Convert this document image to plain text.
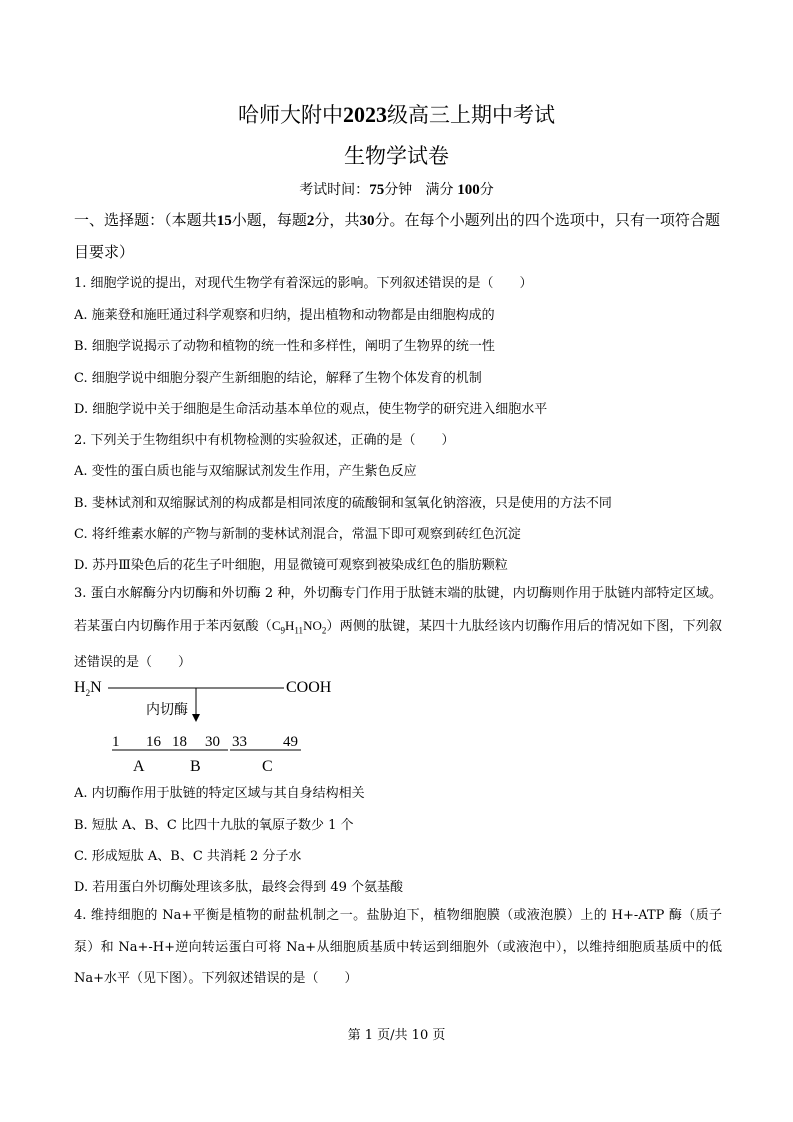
哈师大附中2023级高三上期中考试
生物学试卷
考试时间：75分钟 满分 100分
一、选择题：（本题共15小题，每题2分，共30分。在每个小题列出的四个选项中，只有一项符合题目要求）
1. 细胞学说的提出，对现代生物学有着深远的影响。下列叙述错误的是（　　）
A. 施莱登和施旺通过科学观察和归纳，提出植物和动物都是由细胞构成的
B. 细胞学说揭示了动物和植物的统一性和多样性，阐明了生物界的统一性
C. 细胞学说中细胞分裂产生新细胞的结论，解释了生物个体发育的机制
D. 细胞学说中关于细胞是生命活动基本单位的观点，使生物学的研究进入细胞水平
2. 下列关于生物组织中有机物检测的实验叙述，正确的是（　　）
A. 变性的蛋白质也能与双缩脲试剂发生作用，产生紫色反应
B. 斐林试剂和双缩脲试剂的构成都是相同浓度的硫酸铜和氢氧化钠溶液，只是使用的方法不同
C. 将纤维素水解的产物与新制的斐林试剂混合，常温下即可观察到砖红色沉淀
D. 苏丹Ⅲ染色后的花生子叶细胞，用显微镜可观察到被染成红色的脂肪颗粒
3. 蛋白水解酶分内切酶和外切酶 2 种，外切酶专门作用于肽链末端的肽键，内切酶则作用于肽链内部特定区域。若某蛋白内切酶作用于苯丙氨酸$(C_9H_{11}NO_2)$两侧的肽键，某四十九肽经该内切酶作用后的情况如下图，下列叙述错误的是（　　）
$H_2N$	COOH
内切酶
1 16 18 30 33 49
A	B	C
A. 内切酶作用于肽链的特定区域与其自身结构相关
B. 短肽 A、B、C 比四十九肽的氧原子数少 1 个
C. 形成短肽 A、B、C 共消耗 2 分子水
D. 若用蛋白外切酶处理该多肽，最终会得到 49 个氨基酸
4. 维持细胞的 Na+平衡是植物的耐盐机制之一。盐胁迫下，植物细胞膜（或液泡膜）上的 H+-ATP 酶（质子泵）和 Na+-H+逆向转运蛋白可将 Na+从细胞质基质中转运到细胞外（或液泡中），以维持细胞质基质中的低 Na+水平（见下图）。下列叙述错误的是（　　）
第 1 页/共 10 页
